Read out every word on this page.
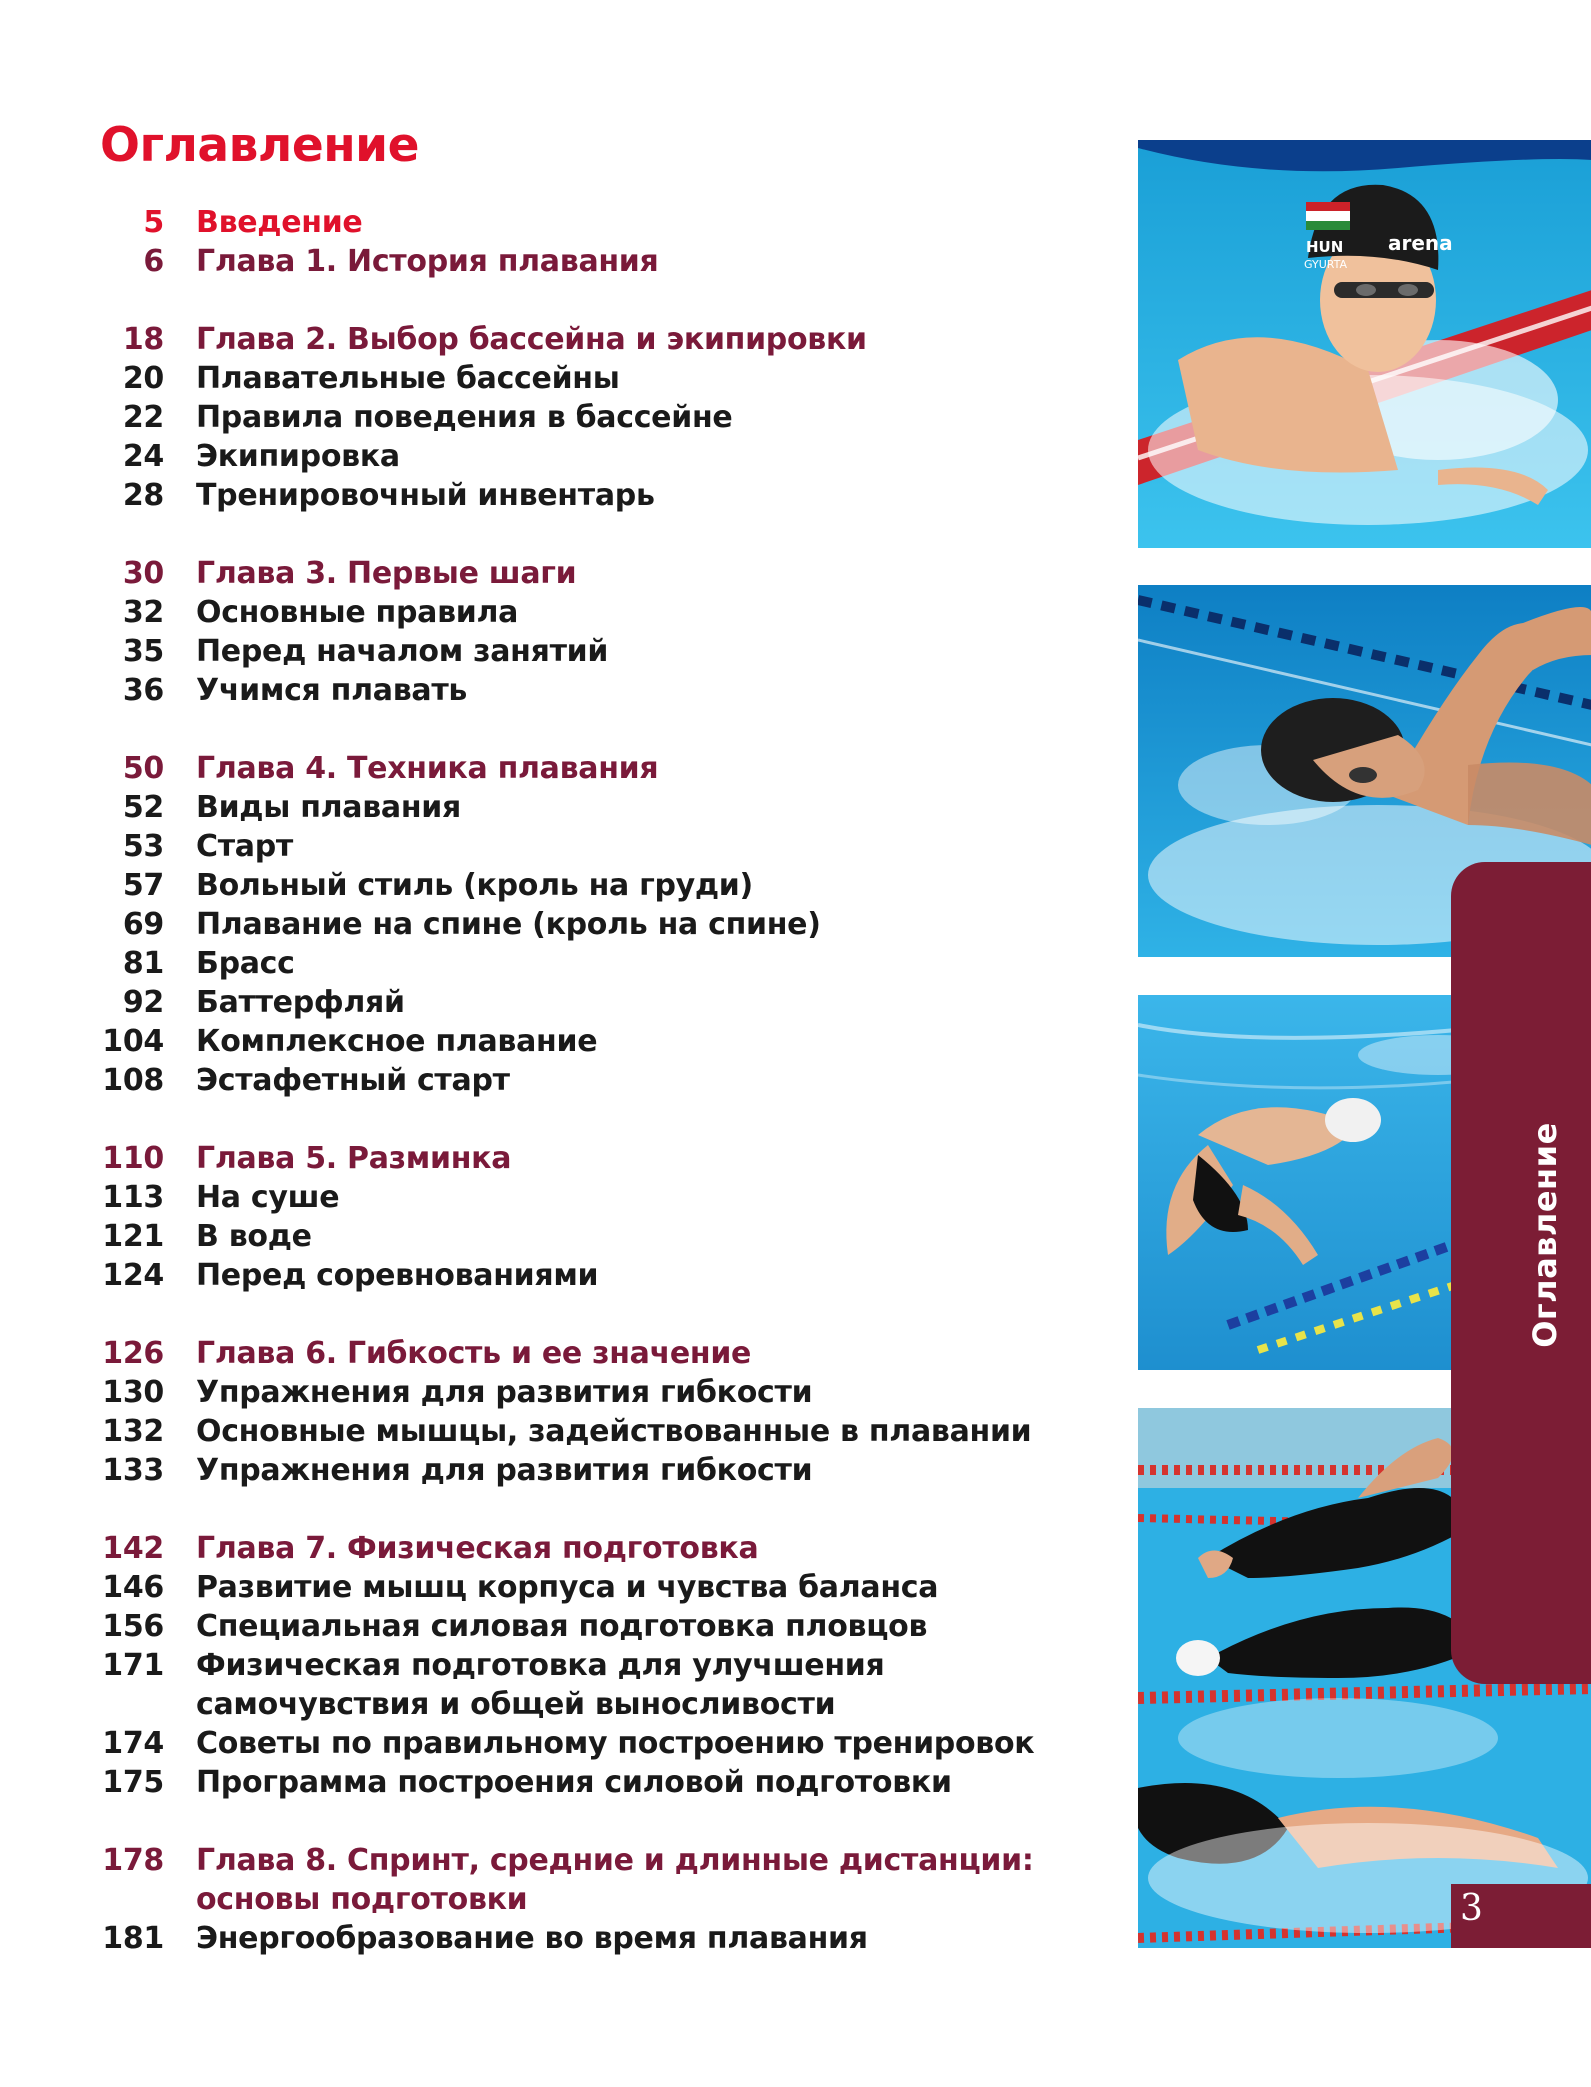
Оглавление
5 Введение
6 Глава 1. История плавания
18 Глава 2. Выбор бассейна и экипировки
20 Плавательные бассейны
22 Правила поведения в бассейне
24 Экипировка
28 Тренировочный инвентарь
30 Глава 3. Первые шаги
32 Основные правила
35 Перед началом занятий
36 Учимся плавать
50 Глава 4. Техника плавания
52 Виды плавания
53 Старт
57 Вольный стиль (кроль на груди)
69 Плавание на спине (кроль на спине)
81 Брасс
92 Баттерфляй
104 Комплексное плавание
108 Эстафетный старт
110 Глава 5. Разминка
113 На суше
121 В воде
124 Перед соревнованиями
126 Глава 6. Гибкость и ее значение
130 Упражнения для развития гибкости
132 Основные мышцы, задействованные в плавании
133 Упражнения для развития гибкости
142 Глава 7. Физическая подготовка
146 Развитие мышц корпуса и чувства баланса
156 Специальная силовая подготовка пловцов
171 Физическая подготовка для улучшения
самочувствия и общей выносливости
174 Советы по правильному построению тренировок
175 Программа построения силовой подготовки
178 Глава 8. Спринт, средние и длинные дистанции:
основы подготовки
181 Энергообразование во время плавания
HUN
GYURTA
arena
Оглавление
3
